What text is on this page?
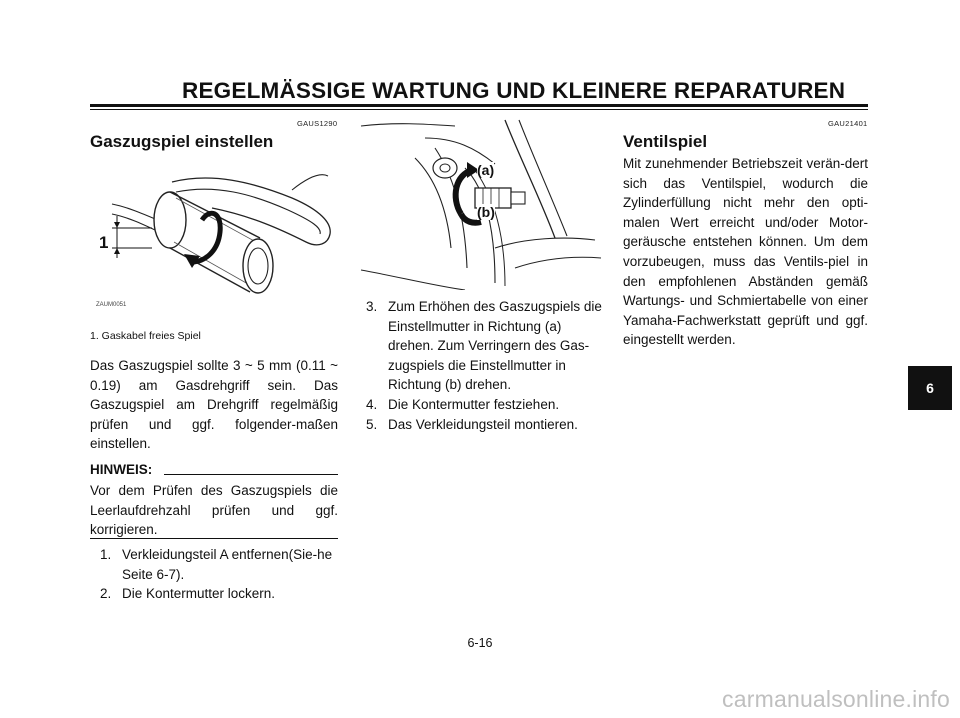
REGELMÄSSIGE WARTUNG UND KLEINERE REPARATUREN
GAUS1290
Gaszugspiel einstellen
1
ZAUM0051
1. Gaskabel freies Spiel
Das Gaszugspiel sollte 3 ~ 5 mm (0.11 ~ 0.19) am Gasdrehgriff sein. Das Gaszugspiel am Drehgriff regelmäßig prüfen und ggf. folgender-maßen einstellen.
HINWEIS:
Vor dem Prüfen des Gaszugspiels die Leerlaufdrehzahl prüfen und ggf. korrigieren.
1. Verkleidungsteil A entfernen(Sie-he Seite 6-7).
2. Die Kontermutter lockern.
(a)
(b)
3. Zum Erhöhen des Gaszugspiels die Einstellmutter in Richtung (a) drehen. Zum Verringern des Gas-zugspiels die Einstellmutter in Richtung (b) drehen.
4. Die Kontermutter festziehen.
5. Das Verkleidungsteil montieren.
GAU21401
Ventilspiel
Mit zunehmender Betriebszeit verän-dert sich das Ventilspiel, wodurch die Zylinderfüllung nicht mehr den opti-malen Wert erreicht und/oder Motor-geräusche entstehen können. Um dem vorzubeugen, muss das Ventils-piel in den empfohlenen Abständen gemäß Wartungs- und Schmiertabelle von einer Yamaha-Fachwerkstatt geprüft und ggf. eingestellt werden.
6
6-16
carmanualsonline.info
